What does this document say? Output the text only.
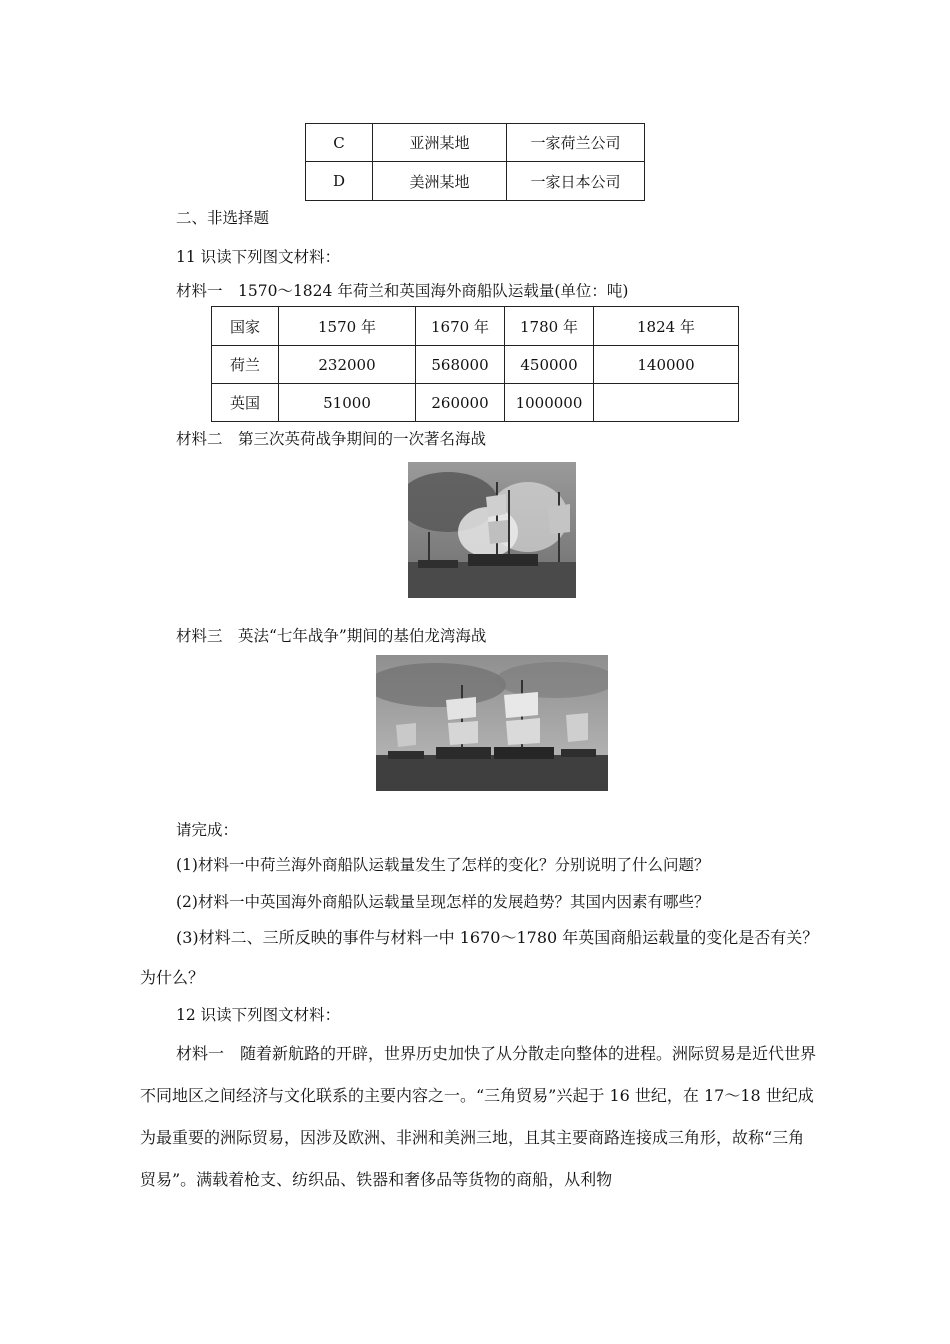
C	亚洲某地	一家荷兰公司
D	美洲某地	一家日本公司
二、非选择题
11 识读下列图文材料：
材料一　1570～1824 年荷兰和英国海外商船队运载量(单位：吨)
国家	1570 年	1670 年	1780 年	1824 年
荷兰	232000	568000	450000	140000
英国	51000	260000	1000000	
材料二　第三次英荷战争期间的一次著名海战
材料三　英法“七年战争”期间的基伯龙湾海战
请完成：
(1)材料一中荷兰海外商船队运载量发生了怎样的变化？分别说明了什么问题？
(2)材料一中英国海外商船队运载量呈现怎样的发展趋势？其国内因素有哪些？
(3)材料二、三所反映的事件与材料一中 1670～1780 年英国商船运载量的变化是否有关？为什么？
12 识读下列图文材料：
材料一　随着新航路的开辟，世界历史加快了从分散走向整体的进程。洲际贸易是近代世界不同地区之间经济与文化联系的主要内容之一。“三角贸易”兴起于 16 世纪，在 17～18 世纪成为最重要的洲际贸易，因涉及欧洲、非洲和美洲三地，且其主要商路连接成三角形，故称“三角贸易”。满载着枪支、纺织品、铁器和奢侈品等货物的商船，从利物
